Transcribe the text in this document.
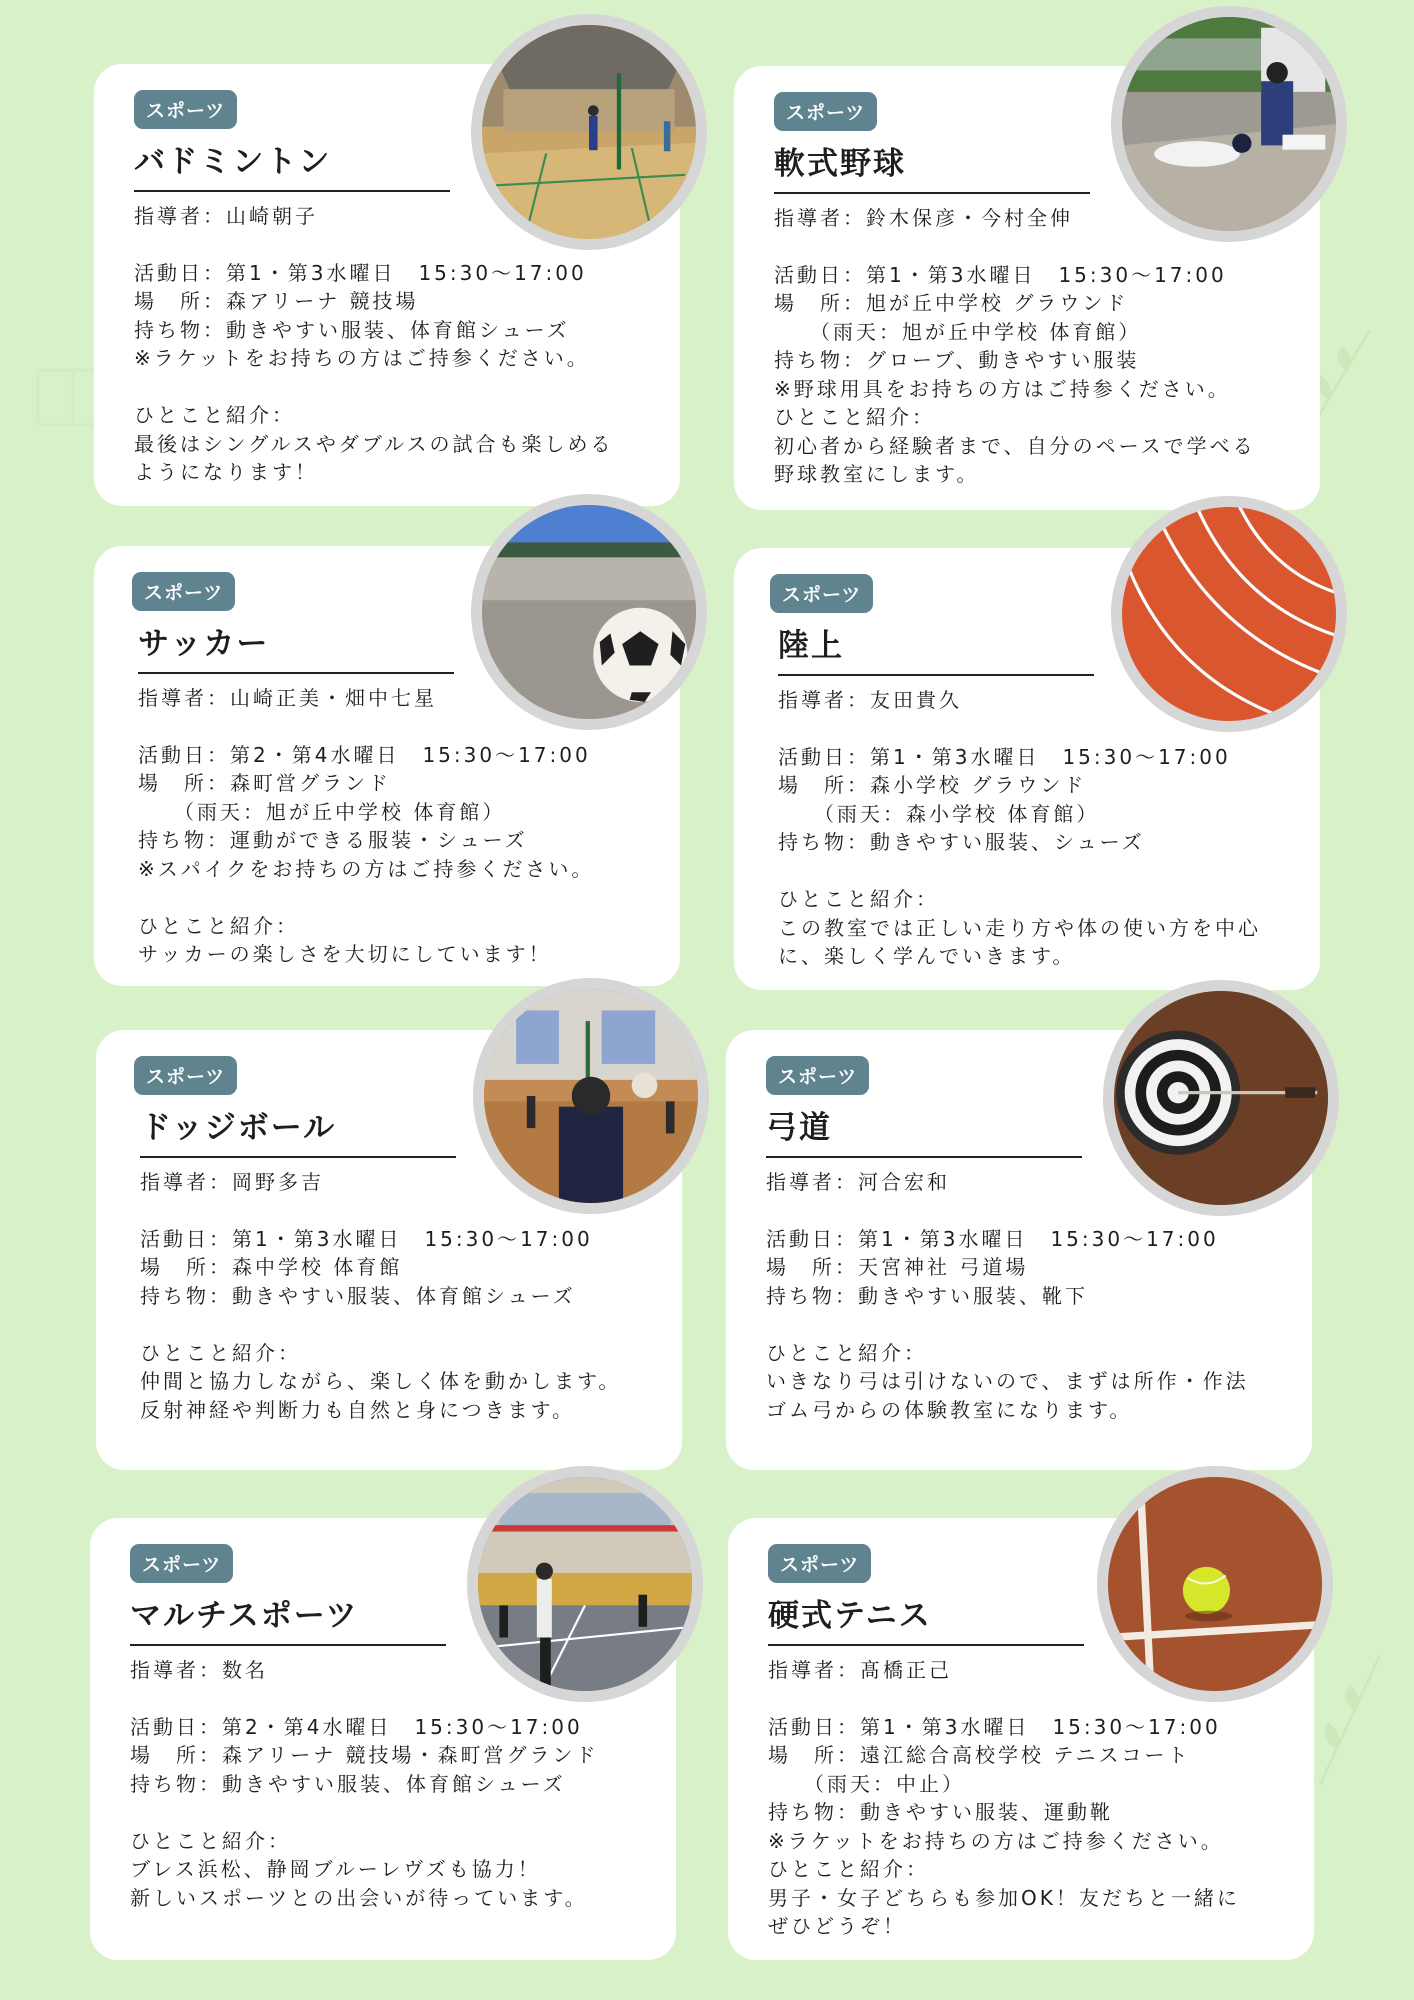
スポーツ
バドミントン
指導者：山崎朝子

活動日：第1・第3水曜日　15:30～17:00
場　所：森アリーナ 競技場
持ち物：動きやすい服装、体育館シューズ
※ラケットをお持ちの方はご持参ください。

ひとこと紹介：
最後はシングルスやダブルスの試合も楽しめる
ようになります！
スポーツ
軟式野球
指導者：鈴木保彦・今村全伸

活動日：第1・第3水曜日　15:30～17:00
場　所：旭が丘中学校 グラウンド
　　（雨天：旭が丘中学校 体育館）
持ち物：グローブ、動きやすい服装
※野球用具をお持ちの方はご持参ください。
ひとこと紹介：
初心者から経験者まで、自分のペースで学べる
野球教室にします。
スポーツ
サッカー
指導者：山崎正美・畑中七星

活動日：第2・第4水曜日　15:30～17:00
場　所：森町営グランド
　　（雨天：旭が丘中学校 体育館）
持ち物：運動ができる服装・シューズ
※スパイクをお持ちの方はご持参ください。

ひとこと紹介：
サッカーの楽しさを大切にしています！
スポーツ
陸上
指導者：友田貴久

活動日：第1・第3水曜日　15:30～17:00
場　所：森小学校 グラウンド
　　（雨天：森小学校 体育館）
持ち物：動きやすい服装、シューズ

ひとこと紹介：
この教室では正しい走り方や体の使い方を中心
に、楽しく学んでいきます。
スポーツ
ドッジボール
指導者：岡野多吉

活動日：第1・第3水曜日　15:30～17:00
場　所：森中学校 体育館
持ち物：動きやすい服装、体育館シューズ

ひとこと紹介：
仲間と協力しながら、楽しく体を動かします。
反射神経や判断力も自然と身につきます。
スポーツ
弓道
指導者：河合宏和

活動日：第1・第3水曜日　15:30～17:00
場　所：天宮神社 弓道場
持ち物：動きやすい服装、靴下

ひとこと紹介：
いきなり弓は引けないので、まずは所作・作法
ゴム弓からの体験教室になります。
スポーツ
マルチスポーツ
指導者：数名

活動日：第2・第4水曜日　15:30～17:00
場　所：森アリーナ 競技場・森町営グランド
持ち物：動きやすい服装、体育館シューズ

ひとこと紹介：
ブレス浜松、静岡ブルーレヴズも協力！
新しいスポーツとの出会いが待っています。
スポーツ
硬式テニス
指導者：髙橋正己

活動日：第1・第3水曜日　15:30～17:00
場　所：遠江総合高校学校 テニスコート
　　（雨天：中止）
持ち物：動きやすい服装、運動靴
※ラケットをお持ちの方はご持参ください。
ひとこと紹介：
男子・女子どちらも参加OK！友だちと一緒に
ぜひどうぞ！
